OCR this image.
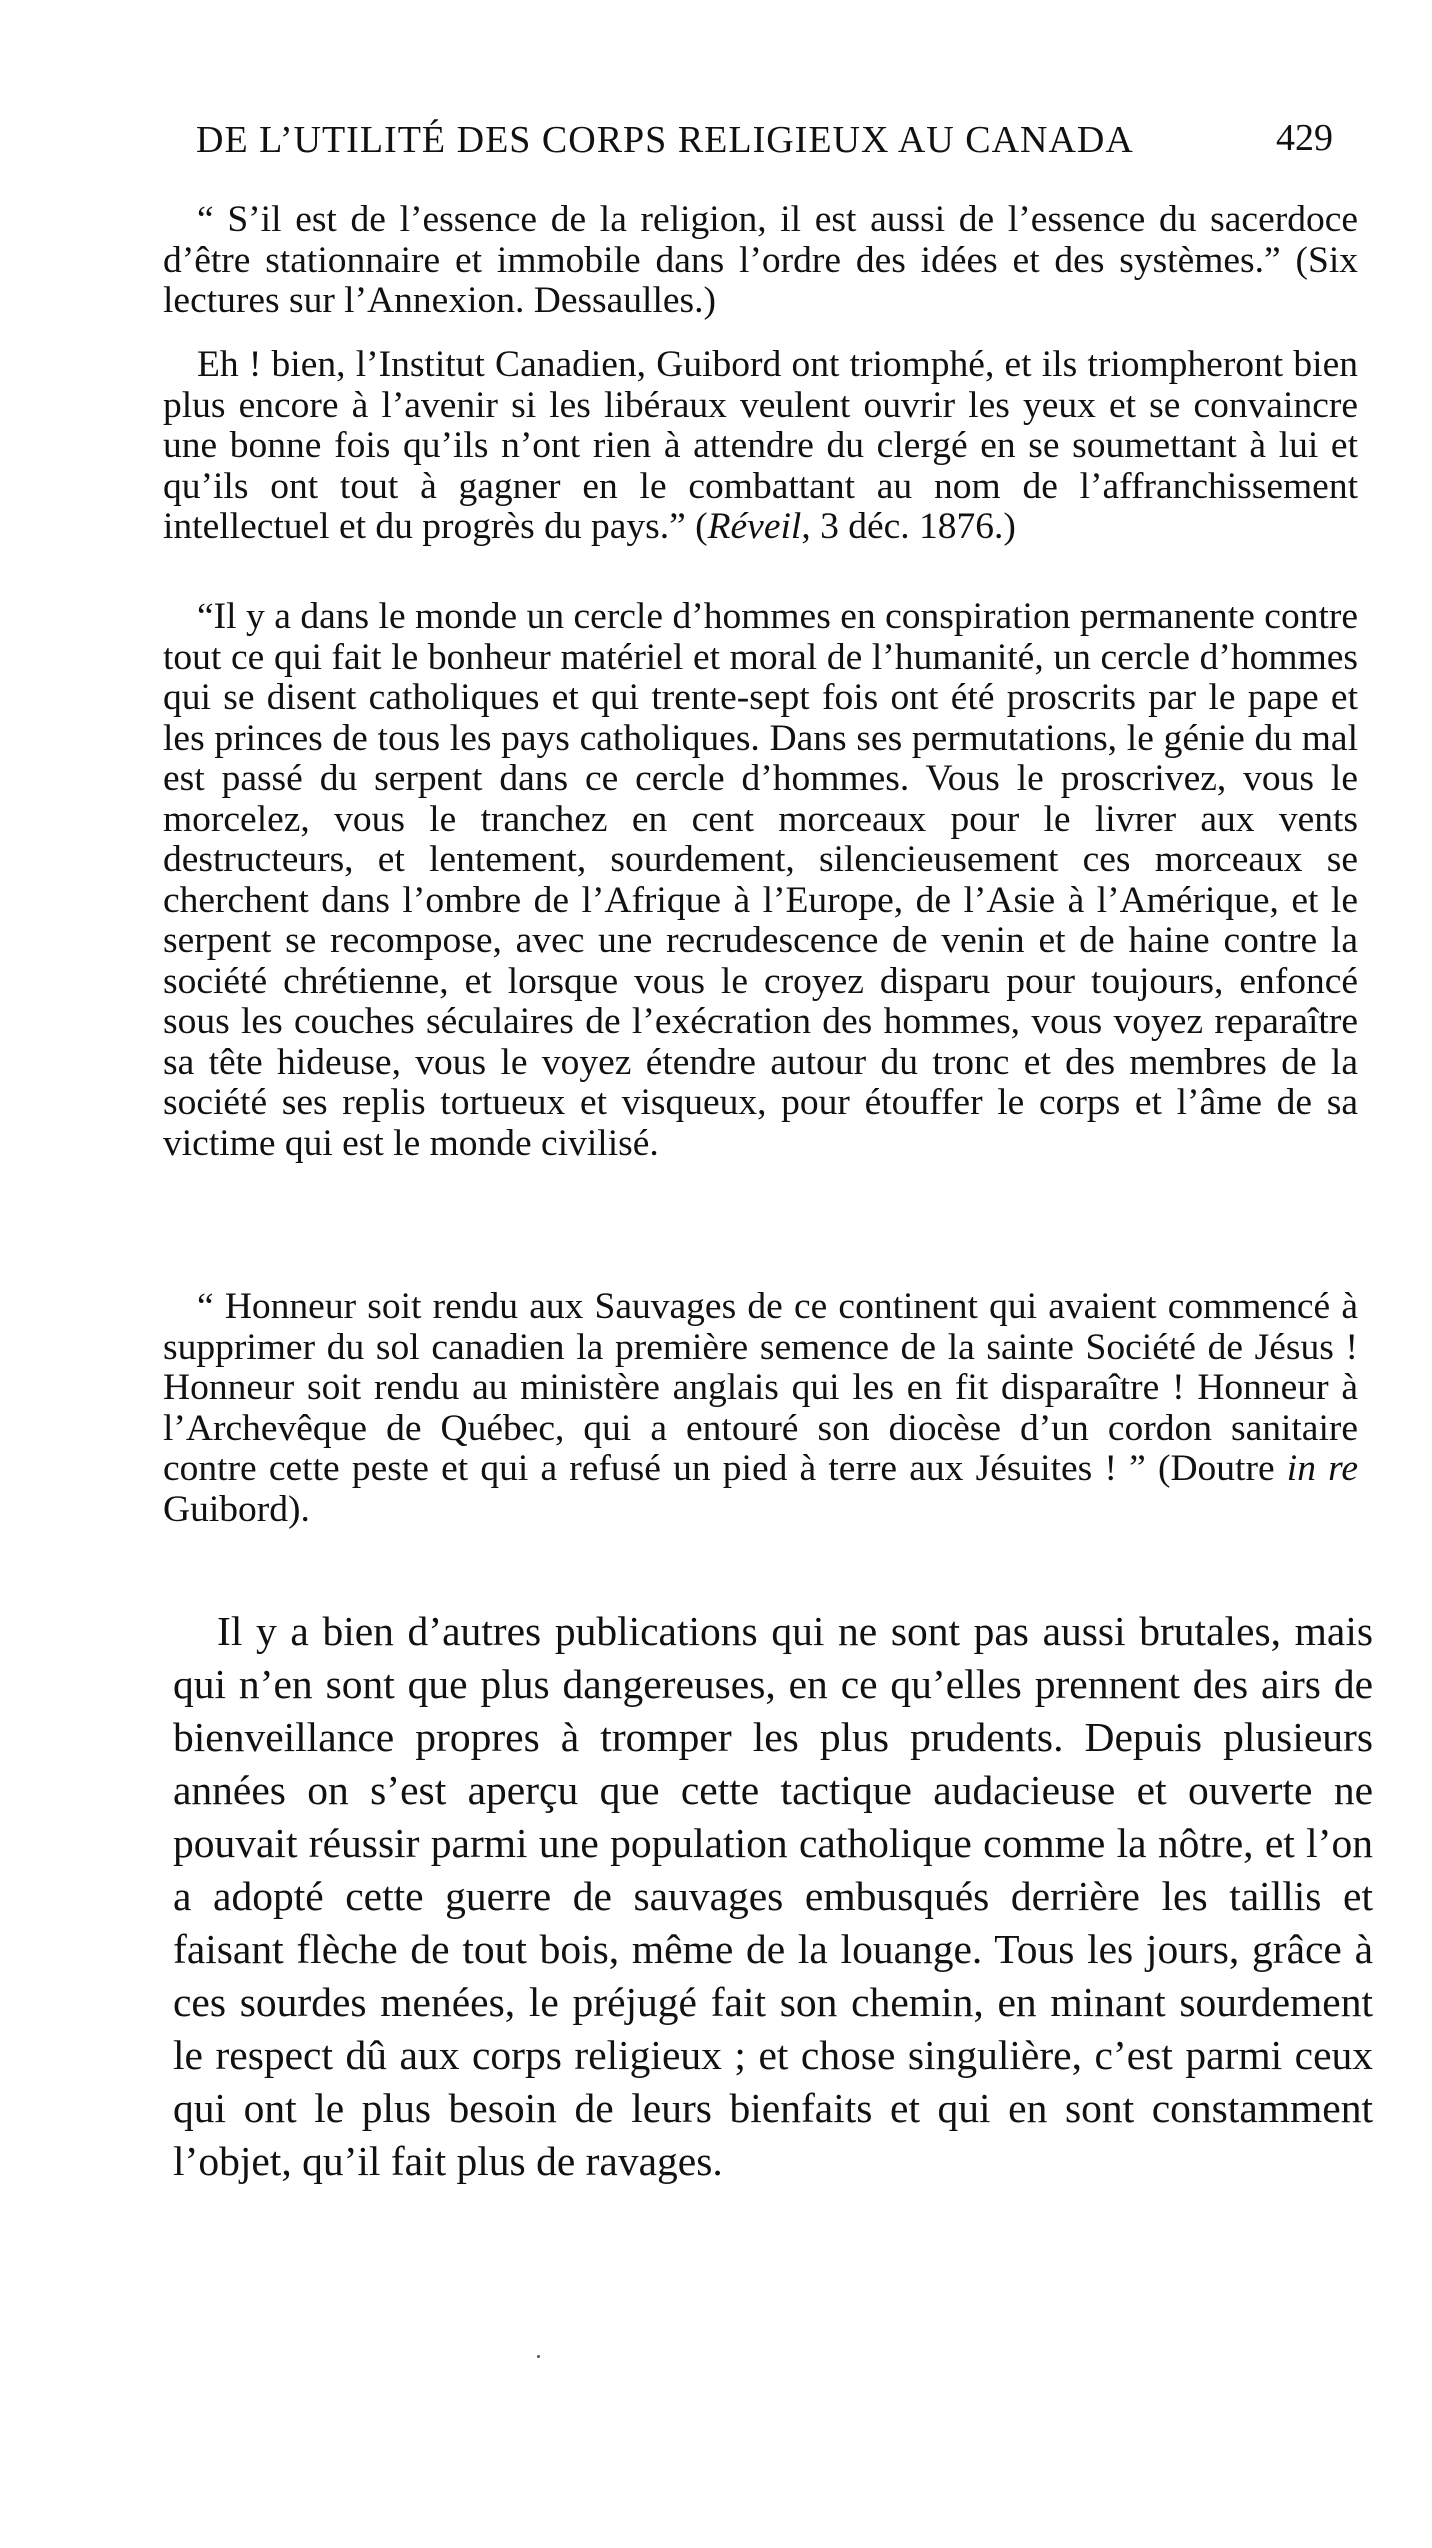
DE L’UTILITÉ DES CORPS RELIGIEUX AU CANADA	429

“ S’il est de l’essence de la religion, il est aussi de l’essence du sacerdoce d’être stationnaire et immobile dans l’ordre des idées et des systèmes.” (Six lectures sur l’Annexion. Dessaulles.)

Eh ! bien, l’Institut Canadien, Guibord ont triomphé, et ils triompheront bien plus encore à l’avenir si les libéraux veulent ouvrir les yeux et se convaincre une bonne fois qu’ils n’ont rien à attendre du clergé en se soumettant à lui et qu’ils ont tout à gagner en le combattant au nom de l’affranchissement intellectuel et du progrès du pays.” (Réveil, 3 déc. 1876.)

“Il y a dans le monde un cercle d’hommes en conspiration permanente contre tout ce qui fait le bonheur matériel et moral de l’humanité, un cercle d’hommes qui se disent catholiques et qui trente-sept fois ont été proscrits par le pape et les princes de tous les pays catholiques. Dans ses permutations, le génie du mal est passé du serpent dans ce cercle d’hommes. Vous le proscrivez, vous le morcelez, vous le tranchez en cent morceaux pour le livrer aux vents destructeurs, et lentement, sourdement, silencieusement ces morceaux se cherchent dans l’ombre de l’Afrique à l’Europe, de l’Asie à l’Amérique, et le serpent se recompose, avec une recrudescence de venin et de haine contre la société chrétienne, et lorsque vous le croyez disparu pour toujours, enfoncé sous les couches séculaires de l’exécration des hommes, vous voyez reparaître sa tête hideuse, vous le voyez étendre autour du tronc et des membres de la société ses replis tortueux et visqueux, pour étouffer le corps et l’âme de sa victime qui est le monde civilisé.

“ Honneur soit rendu aux Sauvages de ce continent qui avaient commencé à supprimer du sol canadien la première semence de la sainte Société de Jésus ! Honneur soit rendu au ministère anglais qui les en fit disparaître ! Honneur à l’Archevêque de Québec, qui a entouré son diocèse d’un cordon sanitaire contre cette peste et qui a refusé un pied à terre aux Jésuites ! ” (Doutre in re Guibord).

Il y a bien d’autres publications qui ne sont pas aussi brutales, mais qui n’en sont que plus dangereuses, en ce qu’elles prennent des airs de bienveillance propres à tromper les plus prudents. Depuis plusieurs années on s’est aperçu que cette tactique audacieuse et ouverte ne pouvait réussir parmi une population catholique comme la nôtre, et l’on a adopté cette guerre de sauvages embusqués derrière les taillis et faisant flèche de tout bois, même de la louange. Tous les jours, grâce à ces sourdes menées, le préjugé fait son chemin, en minant sourdement le respect dû aux corps religieux ; et chose singulière, c’est parmi ceux qui ont le plus besoin de leurs bienfaits et qui en sont constamment l’objet, qu’il fait plus de ravages.
